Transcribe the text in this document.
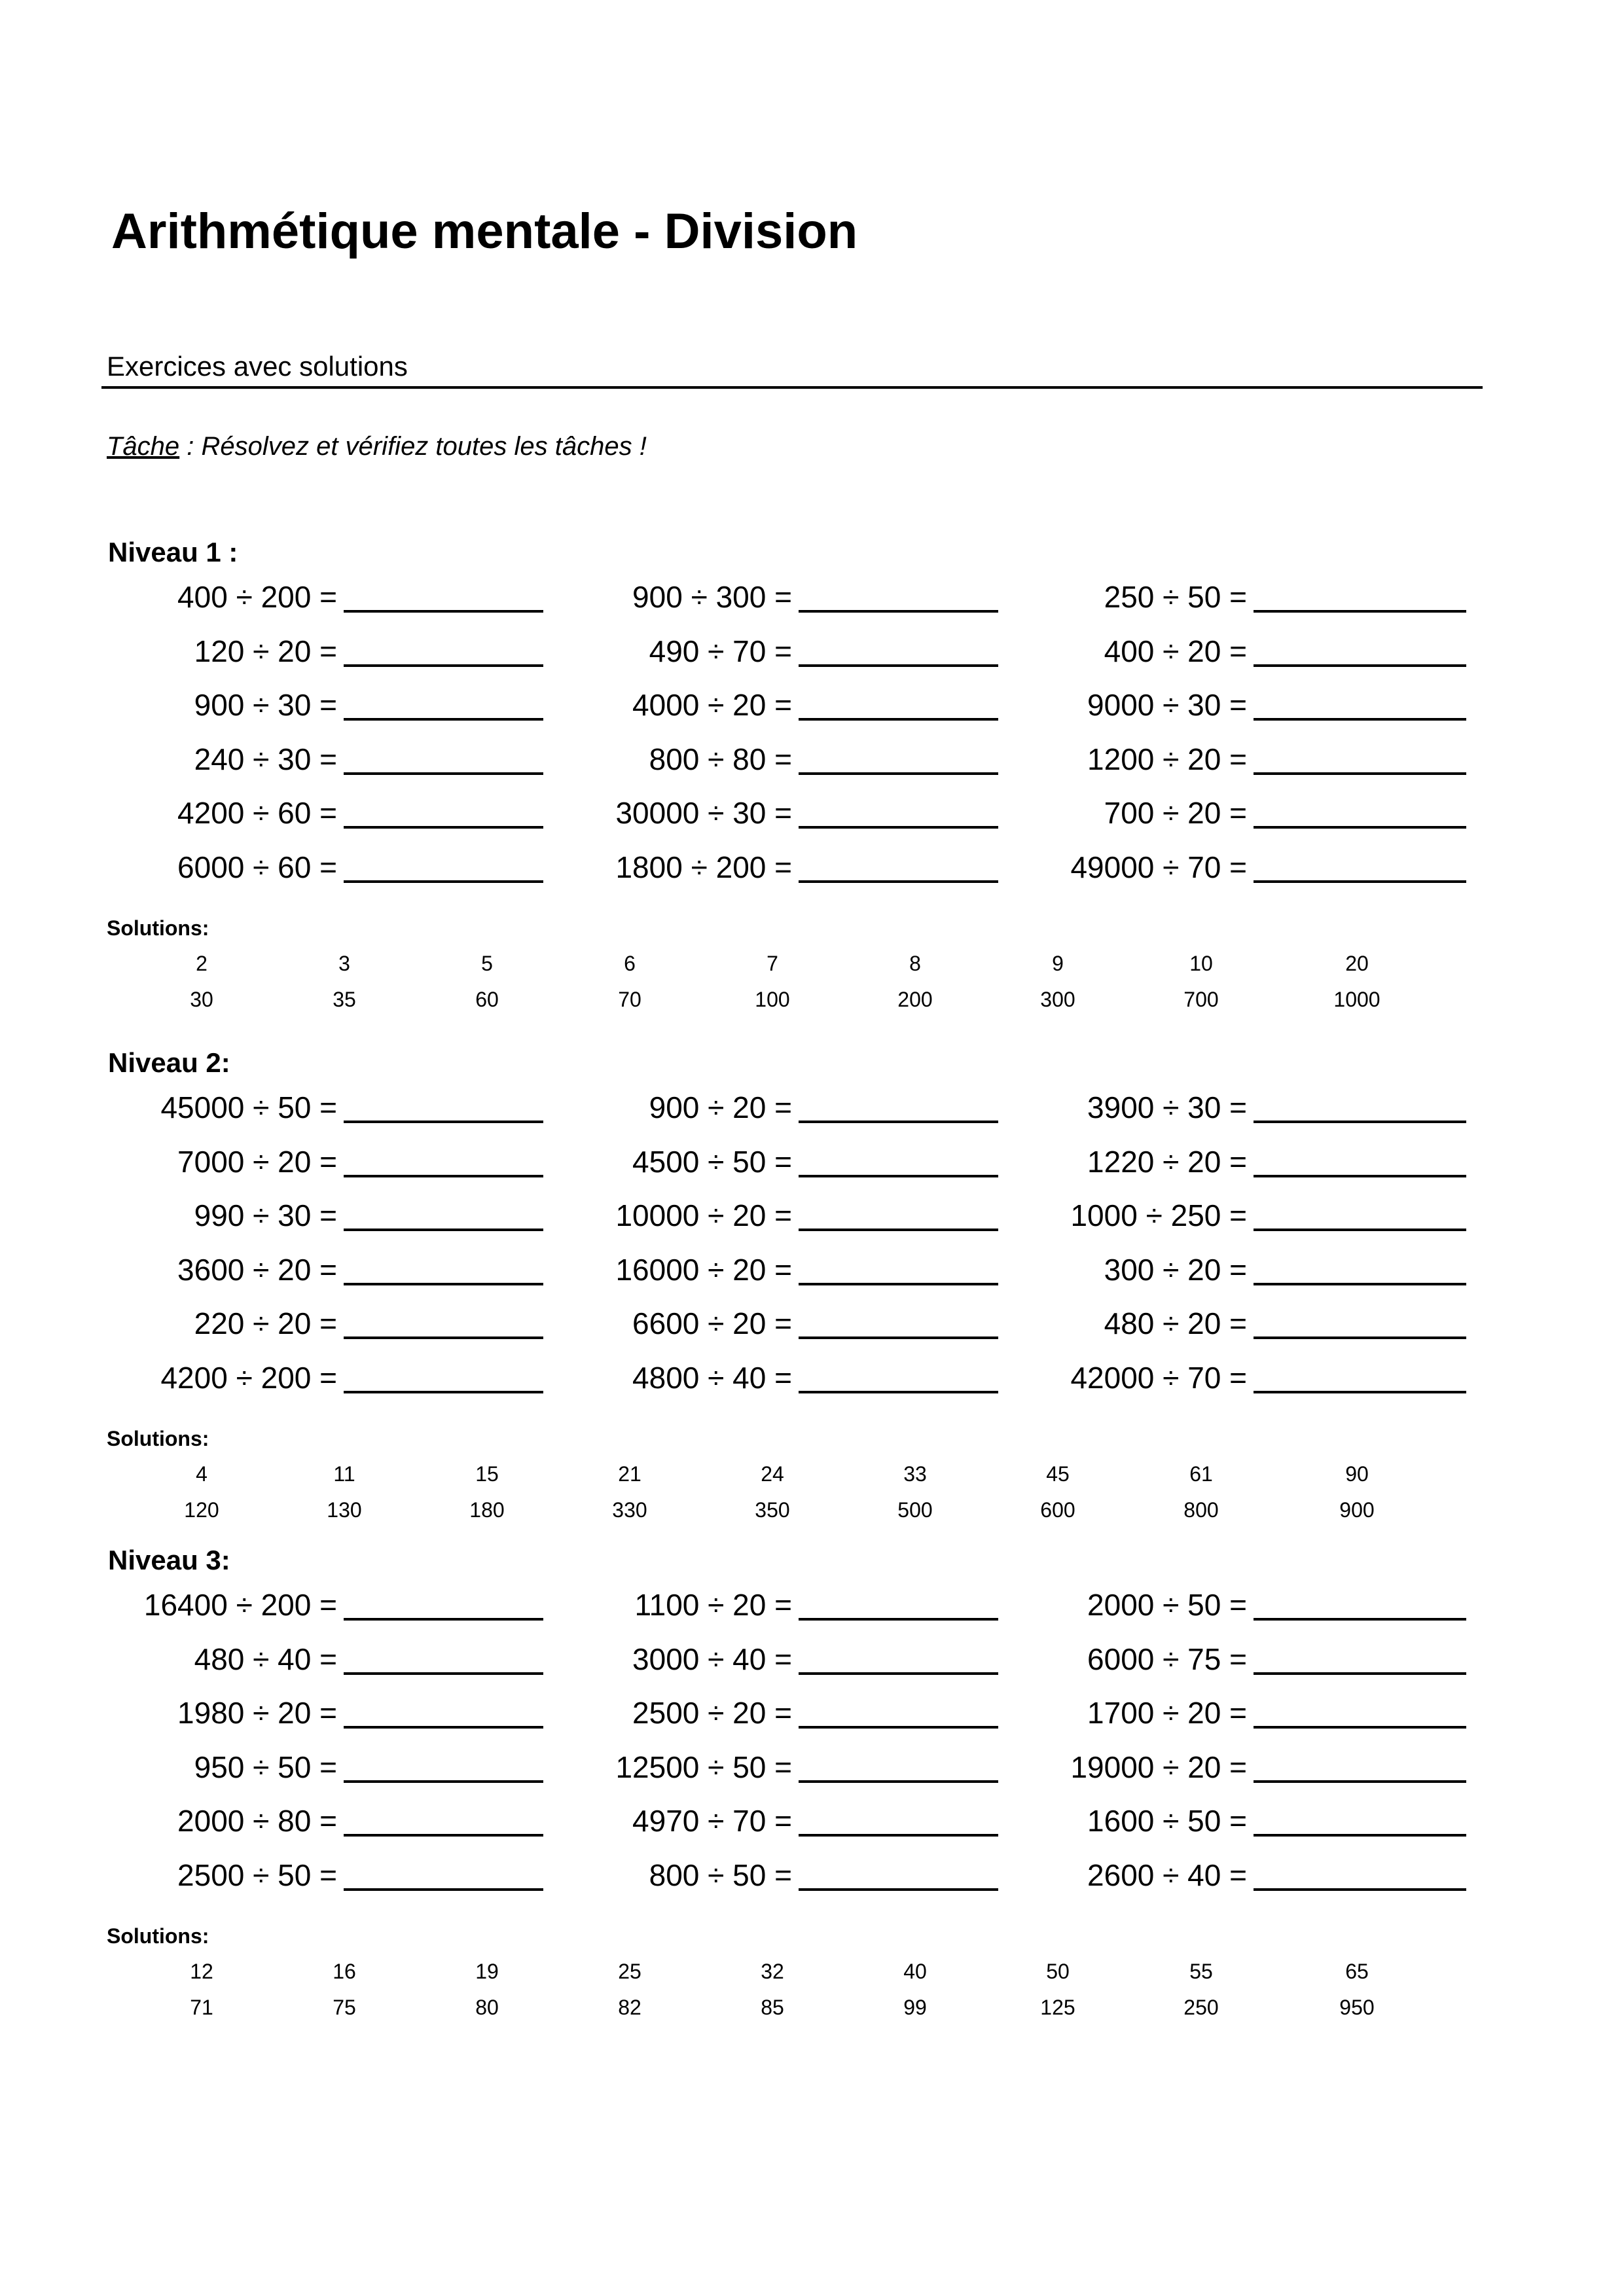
Arithmétique mentale - Division
Exercices avec solutions
Tâche : Résolvez et vérifiez toutes les tâches !
Niveau 1 :
400 ÷ 200 =	900 ÷ 300 =	250 ÷ 50 =
120 ÷ 20 =	490 ÷ 70 =	400 ÷ 20 =
900 ÷ 30 =	4000 ÷ 20 =	9000 ÷ 30 =
240 ÷ 30 =	800 ÷ 80 =	1200 ÷ 20 =
4200 ÷ 60 =	30000 ÷ 30 =	700 ÷ 20 =
6000 ÷ 60 =	1800 ÷ 200 =	49000 ÷ 70 =
Solutions:
2	3	5	6	7	8	9	10	20
30	35	60	70	100	200	300	700	1000
Niveau 2:
45000 ÷ 50 =	900 ÷ 20 =	3900 ÷ 30 =
7000 ÷ 20 =	4500 ÷ 50 =	1220 ÷ 20 =
990 ÷ 30 =	10000 ÷ 20 =	1000 ÷ 250 =
3600 ÷ 20 =	16000 ÷ 20 =	300 ÷ 20 =
220 ÷ 20 =	6600 ÷ 20 =	480 ÷ 20 =
4200 ÷ 200 =	4800 ÷ 40 =	42000 ÷ 70 =
Solutions:
4	11	15	21	24	33	45	61	90
120	130	180	330	350	500	600	800	900
Niveau 3:
16400 ÷ 200 =	1100 ÷ 20 =	2000 ÷ 50 =
480 ÷ 40 =	3000 ÷ 40 =	6000 ÷ 75 =
1980 ÷ 20 =	2500 ÷ 20 =	1700 ÷ 20 =
950 ÷ 50 =	12500 ÷ 50 =	19000 ÷ 20 =
2000 ÷ 80 =	4970 ÷ 70 =	1600 ÷ 50 =
2500 ÷ 50 =	800 ÷ 50 =	2600 ÷ 40 =
Solutions:
12	16	19	25	32	40	50	55	65
71	75	80	82	85	99	125	250	950
